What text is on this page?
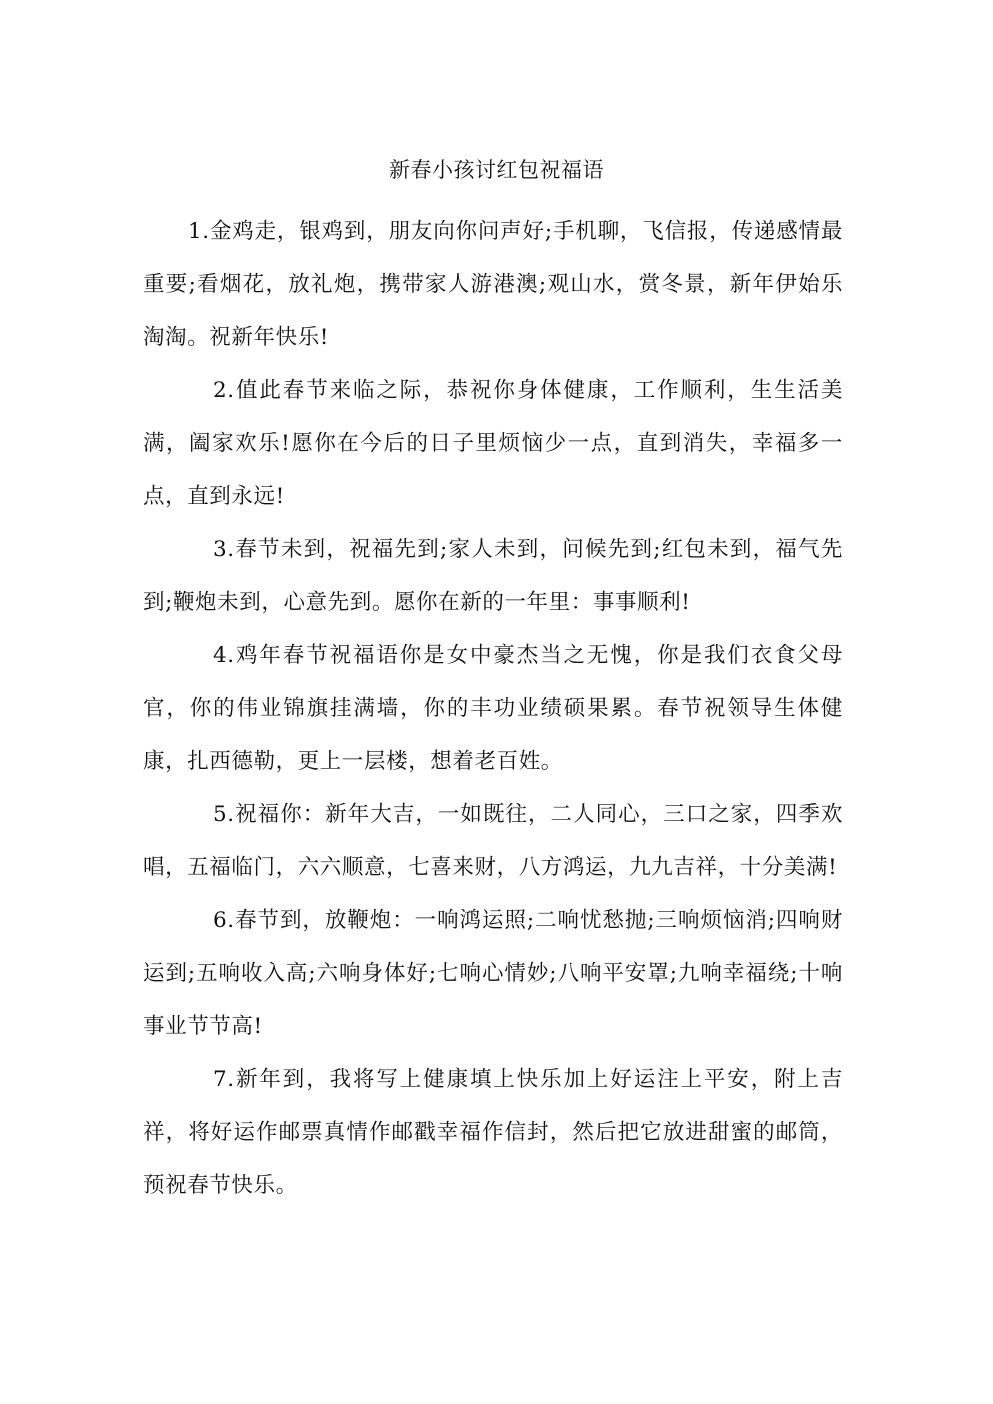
新春小孩讨红包祝福语

1.金鸡走，银鸡到，朋友向你问声好;手机聊，飞信报，传递感情最重要;看烟花，放礼炮，携带家人游港澳;观山水，赏冬景，新年伊始乐淘淘。祝新年快乐!

2.值此春节来临之际，恭祝你身体健康，工作顺利，生生活美满，阖家欢乐!愿你在今后的日子里烦恼少一点，直到消失，幸福多一点，直到永远!

3.春节未到，祝福先到;家人未到，问候先到;红包未到，福气先到;鞭炮未到，心意先到。愿你在新的一年里：事事顺利!

4.鸡年春节祝福语你是女中豪杰当之无愧，你是我们衣食父母官，你的伟业锦旗挂满墙，你的丰功业绩硕果累。春节祝领导生体健康，扎西德勒，更上一层楼，想着老百姓。

5.祝福你：新年大吉，一如既往，二人同心，三口之家，四季欢唱，五福临门，六六顺意，七喜来财，八方鸿运，九九吉祥，十分美满!

6.春节到，放鞭炮：一响鸿运照;二响忧愁抛;三响烦恼消;四响财运到;五响收入高;六响身体好;七响心情妙;八响平安罩;九响幸福绕;十响事业节节高!

7.新年到，我将写上健康填上快乐加上好运注上平安，附上吉祥，将好运作邮票真情作邮戳幸福作信封，然后把它放进甜蜜的邮筒，预祝春节快乐。
